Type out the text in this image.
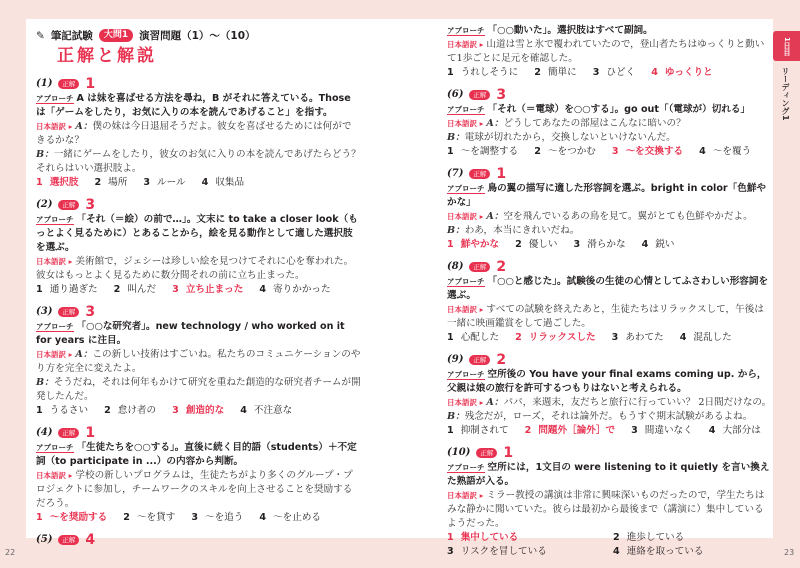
✎ 筆記試験	大問1	演習問題（1）～（10）
正解と解説	1日目
リーディング1
22	23
(1)	正解 1
アプローチ A は妹を喜ばせる方法を尋ね，B がそれに答えている。Those は「ゲームをしたり，お気に入りの本を読んであげること」を指す。
日本語訳 ▸ A：僕の妹は今日退屈そうだよ。彼女を喜ばせるためには何ができるかな？
B：一緒にゲームをしたり，彼女のお気に入りの本を読んであげたらどう？　それらはいい選択肢よ。
1 選択肢 2 場所 3 ルール 4 収集品
(2)	正解 3
アプローチ 「それ（＝絵）の前で…」。文末に to take a closer look（もっとよく見るために）とあることから，絵を見る動作として適した選択肢を選ぶ。
日本語訳 ▸ 美術館で，ジェシーは珍しい絵を見つけてそれに心を奪われた。彼女はもっとよく見るために数分間それの前に立ち止まった。
1 通り過ぎた 2 叫んだ 3 立ち止まった 4 寄りかかった
(3)	正解 3
アプローチ 「○○な研究者」。new technology / who worked on it for years に注目。
日本語訳 ▸ A：この新しい技術はすごいね。私たちのコミュニケーションのやり方を完全に変えたよ。
B：そうだね，それは何年もかけて研究を重ねた創造的な研究者チームが開発したんだ。
1 うるさい 2 怠け者の 3 創造的な 4 不注意な
(4)	正解 1
アプローチ 「生徒たちを○○する」。直後に続く目的語（students）＋不定詞（to participate in ...）の内容から判断。
日本語訳 ▸ 学校の新しいプログラムは，生徒たちがより多くのグループ・プロジェクトに参加し，チームワークのスキルを向上させることを奨励するだろう。
1 ～を奨励する 2 ～を貸す 3 ～を追う 4 ～を止める
(5)	正解 4
アプローチ 「○○動いた」。選択肢はすべて副詞。
日本語訳 ▸ 山道は雪と氷で覆われていたので，登山者たちはゆっくりと動いて1歩ごとに足元を確認した。
1 うれしそうに 2 簡単に 3 ひどく 4 ゆっくりと
(6)	正解 3
アプローチ 「それ（＝電球）を○○する」。go out「（電球が）切れる」
日本語訳 ▸ A：どうしてあなたの部屋はこんなに暗いの？
B：電球が切れたから，交換しないといけないんだ。
1 ～を調整する 2 ～をつかむ 3 ～を交換する 4 ～を覆う
(7)	正解 1
アプローチ 鳥の翼の描写に適した形容詞を選ぶ。bright in color「色鮮やかな」
日本語訳 ▸ A：空を飛んでいるあの鳥を見て。翼がとても色鮮やかだよ。
B：わあ，本当にきれいだね。
1 鮮やかな 2 優しい 3 滑らかな 4 鋭い
(8)	正解 2
アプローチ 「○○と感じた」。試験後の生徒の心情としてふさわしい形容詞を選ぶ。
日本語訳 ▸ すべての試験を終えたあと，生徒たちはリラックスして，午後は一緒に映画鑑賞をして過ごした。
1 心配した 2 リラックスした 3 あわてた 4 混乱した
(9)	正解 2
アプローチ 空所後の You have your final exams coming up. から，父親は娘の旅行を許可するつもりはないと考えられる。
日本語訳 ▸ A：パパ，来週末，友だちと旅行に行っていい？ 2日間だけなの。
B：残念だが，ローズ，それは論外だ。もうすぐ期末試験があるよね。
1 抑制されて 2 問題外［論外］で 3 間違いなく 4 大部分は
(10)	正解 1
アプローチ 空所には，1文目の were listening to it quietly を言い換えた熟語が入る。
日本語訳 ▸ ミラー教授の講演は非常に興味深いものだったので，学生たちはみな静かに聞いていた。彼らは最初から最後まで（講演に）集中しているようだった。
1 集中している	2 進歩している
3 リスクを冒している	4 連絡を取っている
